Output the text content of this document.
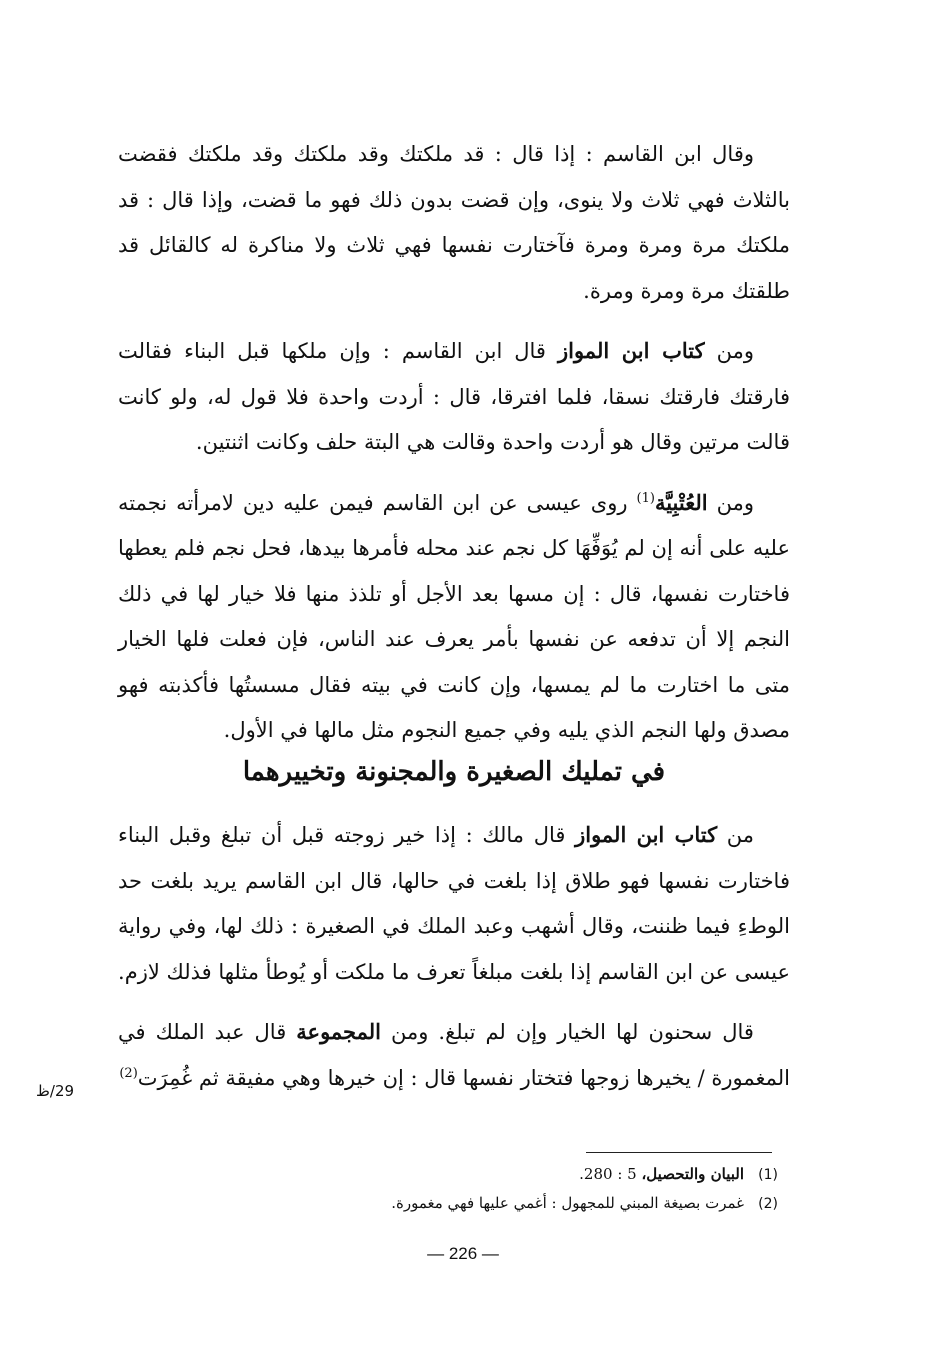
وقال ابن القاسم : إذا قال : قد ملكتك وقد ملكتك وقد ملكتك فقضت بالثلاث فهي ثلاث ولا ينوى، وإن قضت بدون ذلك فهو ما قضت، وإذا قال : قد ملكتك مرة ومرة ومرة فآختارت نفسها فهي ثلاث ولا مناكرة له كالقائل قد طلقتك مرة ومرة ومرة.

ومن كتاب ابن المواز قال ابن القاسم : وإن ملكها قبل البناء فقالت فارقتك فارقتك نسقا، فلما افترقا، قال : أردت واحدة فلا قول له، ولو كانت قالت مرتين وقال هو أردت واحدة وقالت هي البتة حلف وكانت اثنتين.

ومن العُتْبِيَّة$^{(1)}$ روى عيسى عن ابن القاسم فيمن عليه دين لامرأته نجمته عليه على أنه إن لم يُوَفِّهَا كل نجم عند محله فأمرها بيدها، فحل نجم فلم يعطها فاختارت نفسها، قال : إن مسها بعد الأجل أو تلذذ منها فلا خيار لها في ذلك النجم إلا أن تدفعه عن نفسها بأمر يعرف عند الناس، فإن فعلت فلها الخيار متى ما اختارت ما لم يمسها، وإن كانت في بيته فقال مسستُها فأكذبته فهو مصدق ولها النجم الذي يليه وفي جميع النجوم مثل مالها في الأول.

في تمليك الصغيرة والمجنونة وتخييرهما

من كتاب ابن المواز قال مالك : إذا خير زوجته قبل أن تبلغ وقبل البناء فاختارت نفسها فهو طلاق إذا بلغت في حالها، قال ابن القاسم يريد بلغت حد الوطءِ فيما ظننت، وقال أشهب وعبد الملك في الصغيرة : ذلك لها، وفي رواية عيسى عن ابن القاسم إذا بلغت مبلغاً تعرف ما ملكت أو يُوطأ مثلها فذلك لازم.

قال سحنون لها الخيار وإن لم تبلغ. ومن المجموعة قال عبد الملك في المغمورة / يخيرها زوجها فتختار نفسها قال : إن خيرها وهي مفيقة ثم غُمِرَت$^{(2)}$

29/ظ
(1)
البيان والتحصيل، 5 : 280.
(2)
غمرت بصيغة المبني للمجهول : أغمي عليها فهي مغمورة.
— 226 —
